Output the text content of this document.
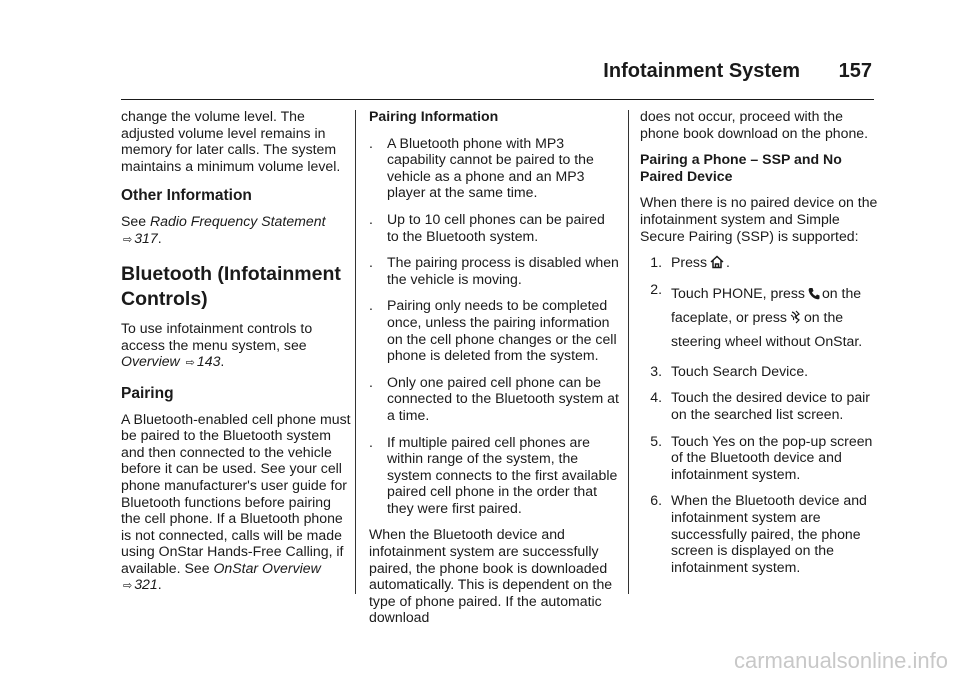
Infotainment System 157

change the volume level. The adjusted volume level remains in memory for later calls. The system maintains a minimum volume level.

Other Information

See Radio Frequency Statement ⇨ 317.

Bluetooth (Infotainment
Controls)

To use infotainment controls to access the menu system, see Overview ⇨ 143.

Pairing

A Bluetooth-enabled cell phone must be paired to the Bluetooth system and then connected to the vehicle before it can be used. See your cell phone manufacturer's user guide for Bluetooth functions before pairing the cell phone. If a Bluetooth phone is not connected, calls will be made using OnStar Hands-Free Calling, if available. See OnStar Overview ⇨ 321.

Pairing Information
. A Bluetooth phone with MP3 capability cannot be paired to the vehicle as a phone and an MP3 player at the same time.
. Up to 10 cell phones can be paired to the Bluetooth system.
. The pairing process is disabled when the vehicle is moving.
. Pairing only needs to be completed once, unless the pairing information on the cell phone changes or the cell phone is deleted from the system.
. Only one paired cell phone can be connected to the Bluetooth system at a time.
. If multiple paired cell phones are within range of the system, the system connects to the first available paired cell phone in the order that they were first paired.

When the Bluetooth device and infotainment system are successfully paired, the phone book is downloaded automatically. This is dependent on the type of phone paired. If the automatic download

does not occur, proceed with the phone book download on the phone.

Pairing a Phone – SSP and No Paired Device

When there is no paired device on the infotainment system and Simple Secure Pairing (SSP) is supported:

1. Press .
2. Touch PHONE, press on the
faceplate, or press on the steering wheel without OnStar.
3. Touch Search Device.
4. Touch the desired device to pair on the searched list screen.
5. Touch Yes on the pop-up screen of the Bluetooth device and infotainment system.
6. When the Bluetooth device and infotainment system are successfully paired, the phone screen is displayed on the infotainment system.
carmanualsonline.info
